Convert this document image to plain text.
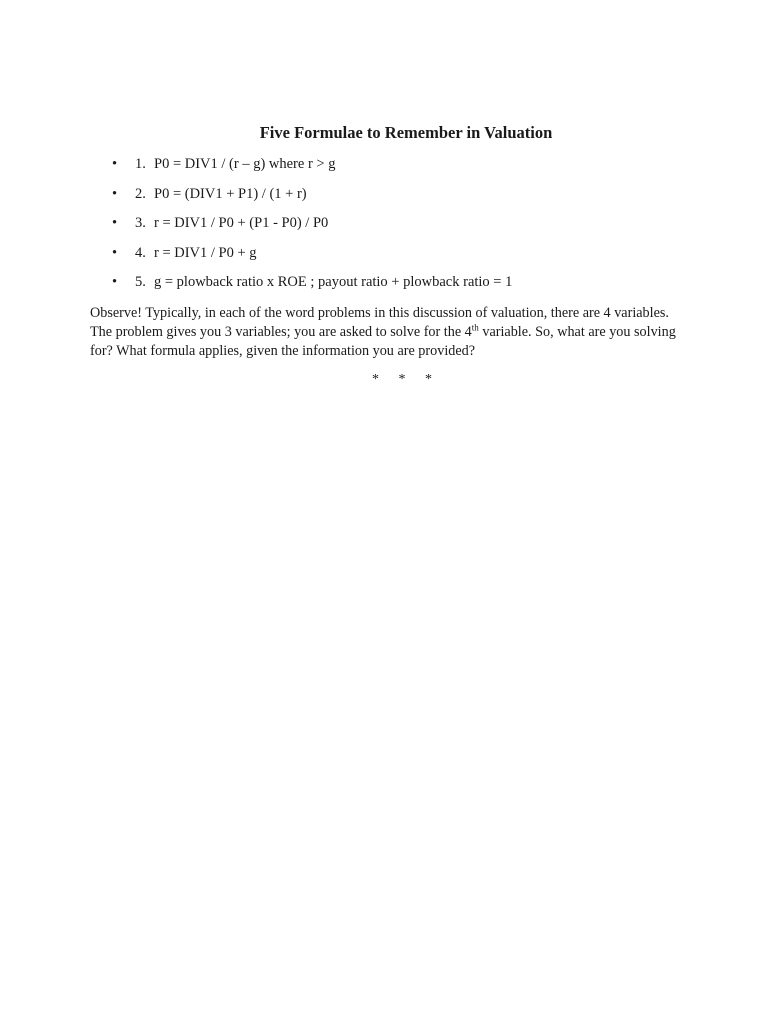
Five Formulae to Remember in Valuation
•	1. P0 = DIV1 / (r – g) where r > g
•	2. P0 = (DIV1 + P1) / (1 + r)
•	3. r = DIV1 / P0 + (P1 - P0) / P0
•	4. r = DIV1 / P0 + g
•	5. g = plowback ratio x ROE ; payout ratio + plowback ratio = 1

Observe! Typically, in each of the word problems in this discussion of valuation, there are 4 variables. The problem gives you 3 variables; you are asked to solve for the 4th variable. So, what are you solving for? What formula applies, given the information you are provided?

* * *
